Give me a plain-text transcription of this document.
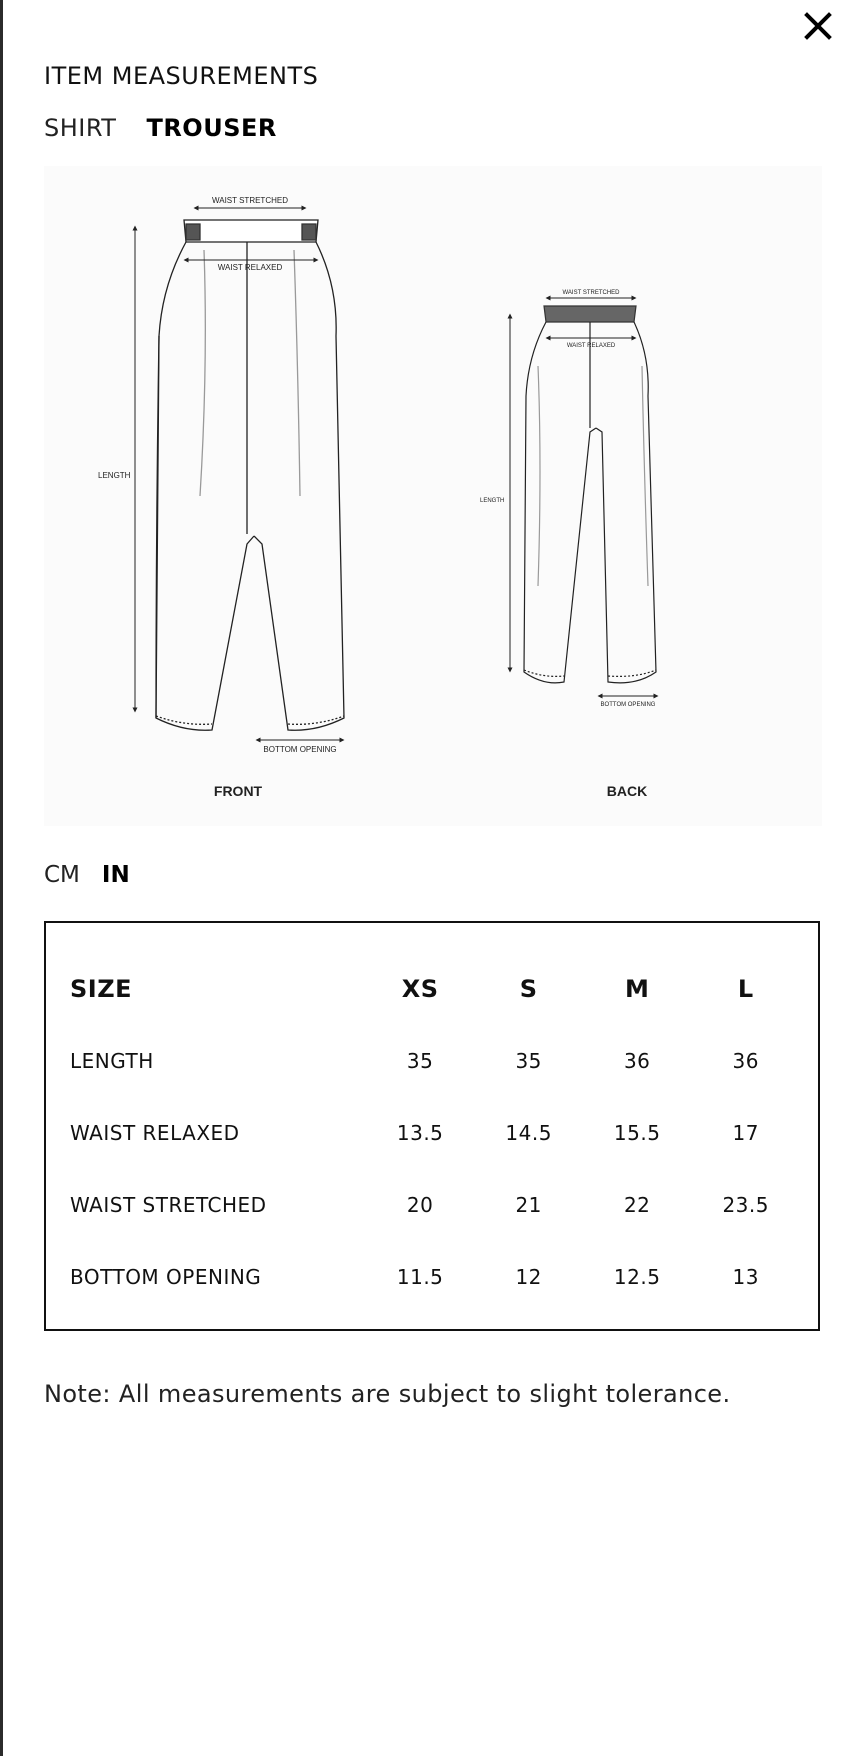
ITEM MEASUREMENTS
SHIRT TROUSER
WAIST STRETCHED
WAIST RELAXED
LENGTH
BOTTOM OPENING
FRONT
WAIST STRETCHED
WAIST RELAXED
LENGTH
BOTTOM OPENING
BACK
CM IN
SIZE	XS	S	M	L
LENGTH	35	35	36	36
WAIST RELAXED	13.5	14.5	15.5	17
WAIST STRETCHED	20	21	22	23.5
BOTTOM OPENING	11.5	12	12.5	13
Note: All measurements are subject to slight tolerance.
